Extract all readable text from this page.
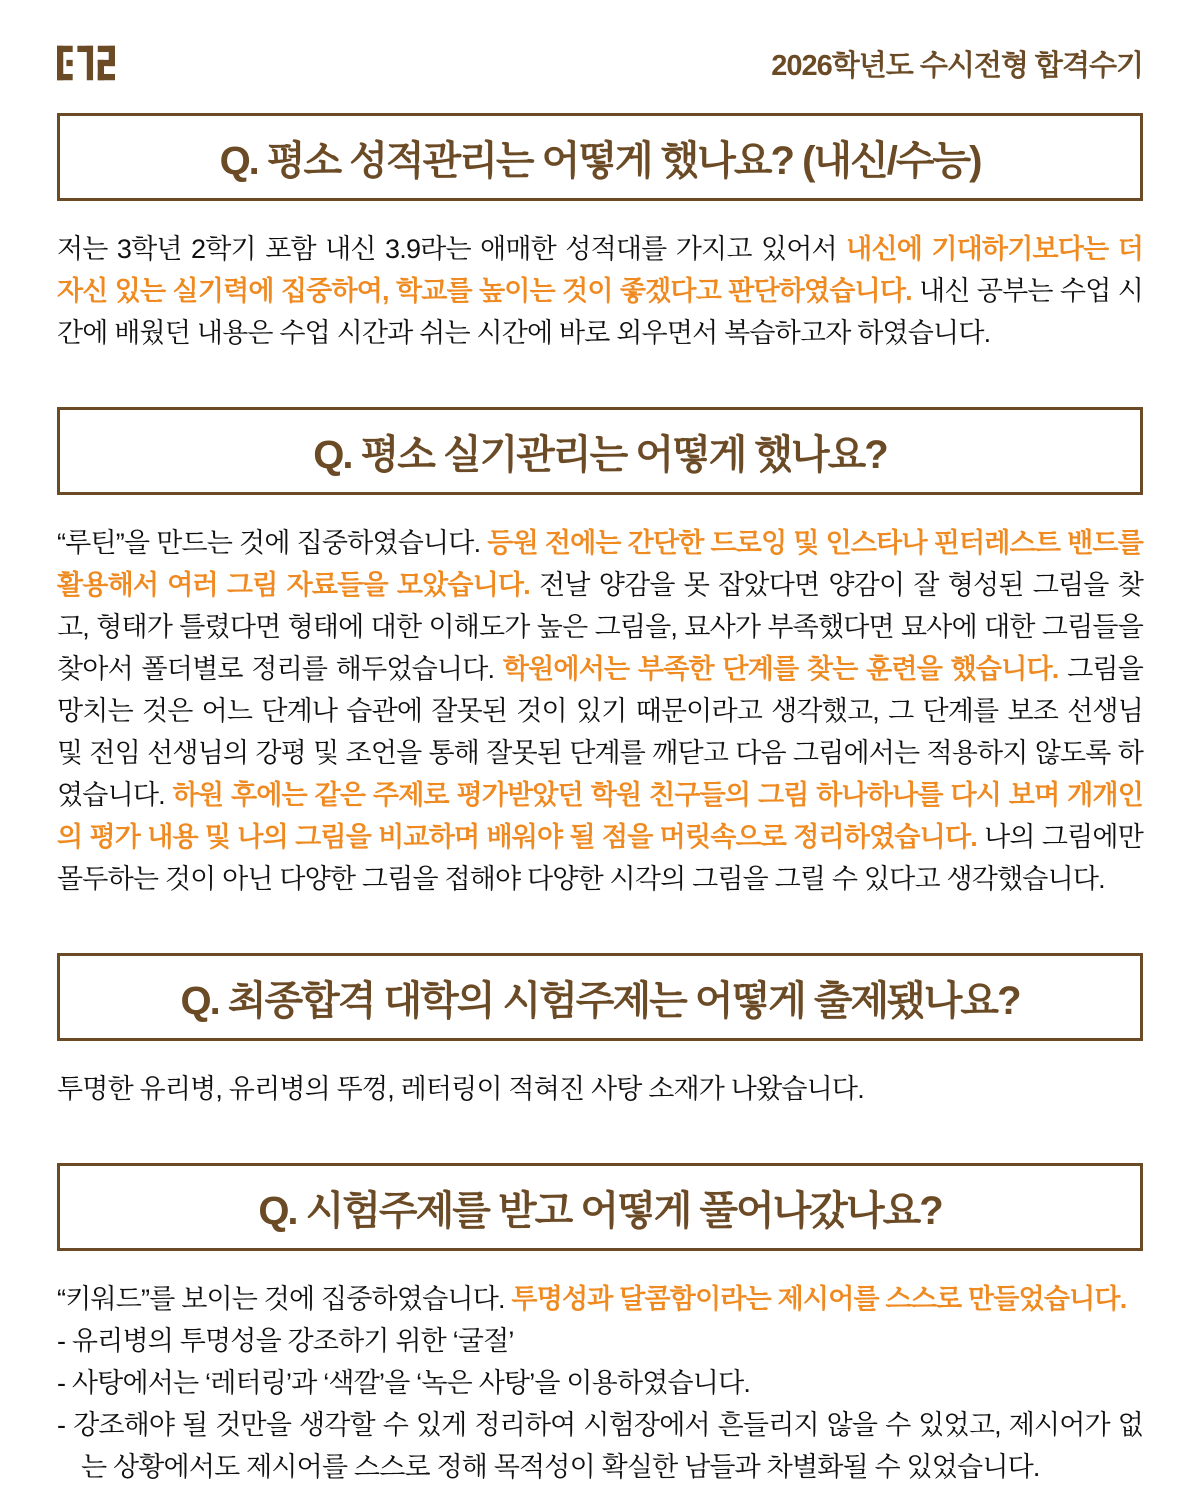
2026학년도 수시전형 합격수기
Q. 평소 성적관리는 어떻게 했나요? (내신/수능)

저는 3학년 2학기 포함 내신 3.9라는 애매한 성적대를 가지고 있어서 내신에 기대하기보다는 더 자신 있는 실기력에 집중하여, 학교를 높이는 것이 좋겠다고 판단하였습니다. 내신 공부는 수업 시간에 배웠던 내용은 수업 시간과 쉬는 시간에 바로 외우면서 복습하고자 하였습니다.

Q. 평소 실기관리는 어떻게 했나요?

“루틴”을 만드는 것에 집중하였습니다. 등원 전에는 간단한 드로잉 및 인스타나 핀터레스트 밴드를 활용해서 여러 그림 자료들을 모았습니다. 전날 양감을 못 잡았다면 양감이 잘 형성된 그림을 찾고, 형태가 틀렸다면 형태에 대한 이해도가 높은 그림을, 묘사가 부족했다면 묘사에 대한 그림들을 찾아서 폴더별로 정리를 해두었습니다. 학원에서는 부족한 단계를 찾는 훈련을 했습니다. 그림을 망치는 것은 어느 단계나 습관에 잘못된 것이 있기 때문이라고 생각했고, 그 단계를 보조 선생님 및 전임 선생님의 강평 및 조언을 통해 잘못된 단계를 깨닫고 다음 그림에서는 적용하지 않도록 하였습니다. 하원 후에는 같은 주제로 평가받았던 학원 친구들의 그림 하나하나를 다시 보며 개개인의 평가 내용 및 나의 그림을 비교하며 배워야 될 점을 머릿속으로 정리하였습니다. 나의 그림에만 몰두하는 것이 아닌 다양한 그림을 접해야 다양한 시각의 그림을 그릴 수 있다고 생각했습니다.

Q. 최종합격 대학의 시험주제는 어떻게 출제됐나요?

투명한 유리병, 유리병의 뚜껑, 레터링이 적혀진 사탕 소재가 나왔습니다.

Q. 시험주제를 받고 어떻게 풀어나갔나요?

“키워드”를 보이는 것에 집중하였습니다. 투명성과 달콤함이라는 제시어를 스스로 만들었습니다.

- 유리병의 투명성을 강조하기 위한 ‘굴절’
- 사탕에서는 ‘레터링’과 ‘색깔’을 ‘녹은 사탕’을 이용하였습니다.
- 강조해야 될 것만을 생각할 수 있게 정리하여 시험장에서 흔들리지 않을 수 있었고, 제시어가 없는 상황에서도 제시어를 스스로 정해 목적성이 확실한 남들과 차별화될 수 있었습니다.
